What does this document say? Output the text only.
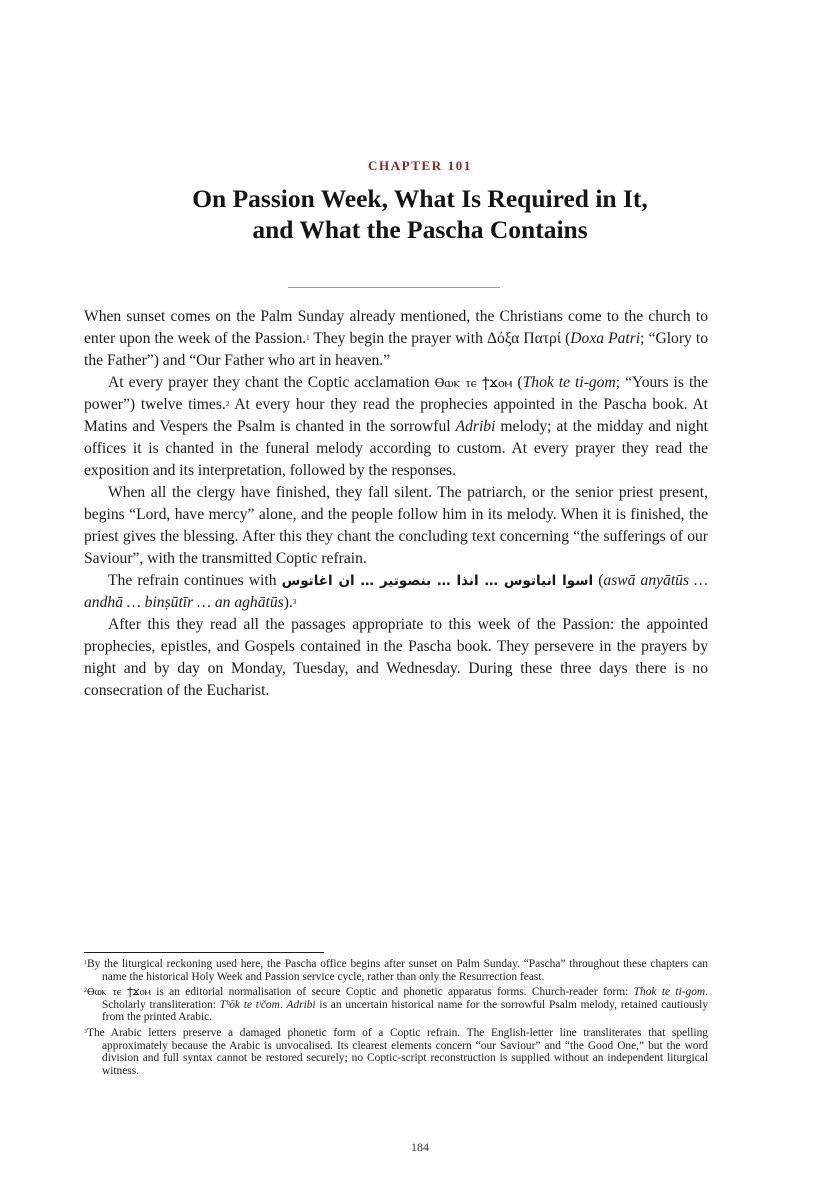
CHAPTER 101
On Passion Week, What Is Required in It,
and What the Pascha Contains

When sunset comes on the Palm Sunday already mentioned, the Christians come to the church to enter upon the week of the Passion.$^1$ They begin the prayer with Δόξα Πατρί (Doxa Patri; “Glory to the Father”) and “Our Father who art in heaven.”

At every prayer they chant the Coptic acclamation Ⲑⲱⲕ ⲧⲉ ϯϫⲟⲙ (Thok te ti-gom; “Yours is the power”) twelve times.$^2$ At every hour they read the prophecies appointed in the Pascha book. At Matins and Vespers the Psalm is chanted in the sorrowful Adribi melody; at the midday and night offices it is chanted in the funeral melody according to custom. At every prayer they read the exposition and its interpretation, followed by the responses.

When all the clergy have finished, they fall silent. The patriarch, or the senior priest present, begins “Lord, have mercy” alone, and the people follow him in its melody. When it is finished, the priest gives the blessing. After this they chant the concluding text concerning “the sufferings of our Saviour”, with the transmitted Coptic refrain.

The refrain continues with اسوا انياتوس … انذا … بنصوتير … ان اغاتوس (aswā anyātūs … andhā … binṣūtīr … an aghātūs).$^3$

After this they read all the passages appropriate to this week of the Passion: the appointed prophecies, epistles, and Gospels contained in the Pascha book. They persevere in the prayers by night and by day on Monday, Tuesday, and Wednesday. During these three days there is no consecration of the Eucharist.

$^1$By the liturgical reckoning used here, the Pascha office begins after sunset on Palm Sunday. “Pascha” throughout these chapters can name the historical Holy Week and Passion service cycle, rather than only the Resurrection feast.

$^2$Ⲑⲱⲕ ⲧⲉ ϯϫⲟⲙ is an editorial normalisation of secure Coptic and phonetic apparatus forms. Church-reader form: Thok te ti-gom. Scholarly transliteration: Tʰōk te tʲčom. Adribi is an uncertain historical name for the sorrowful Psalm melody, retained cautiously from the printed Arabic.

$^3$The Arabic letters preserve a damaged phonetic form of a Coptic refrain. The English-letter line transliterates that spelling approximately because the Arabic is unvocalised. Its clearest elements concern “our Saviour” and “the Good One,” but the word division and full syntax cannot be restored securely; no Coptic-script reconstruction is supplied without an independent liturgical witness.

184
